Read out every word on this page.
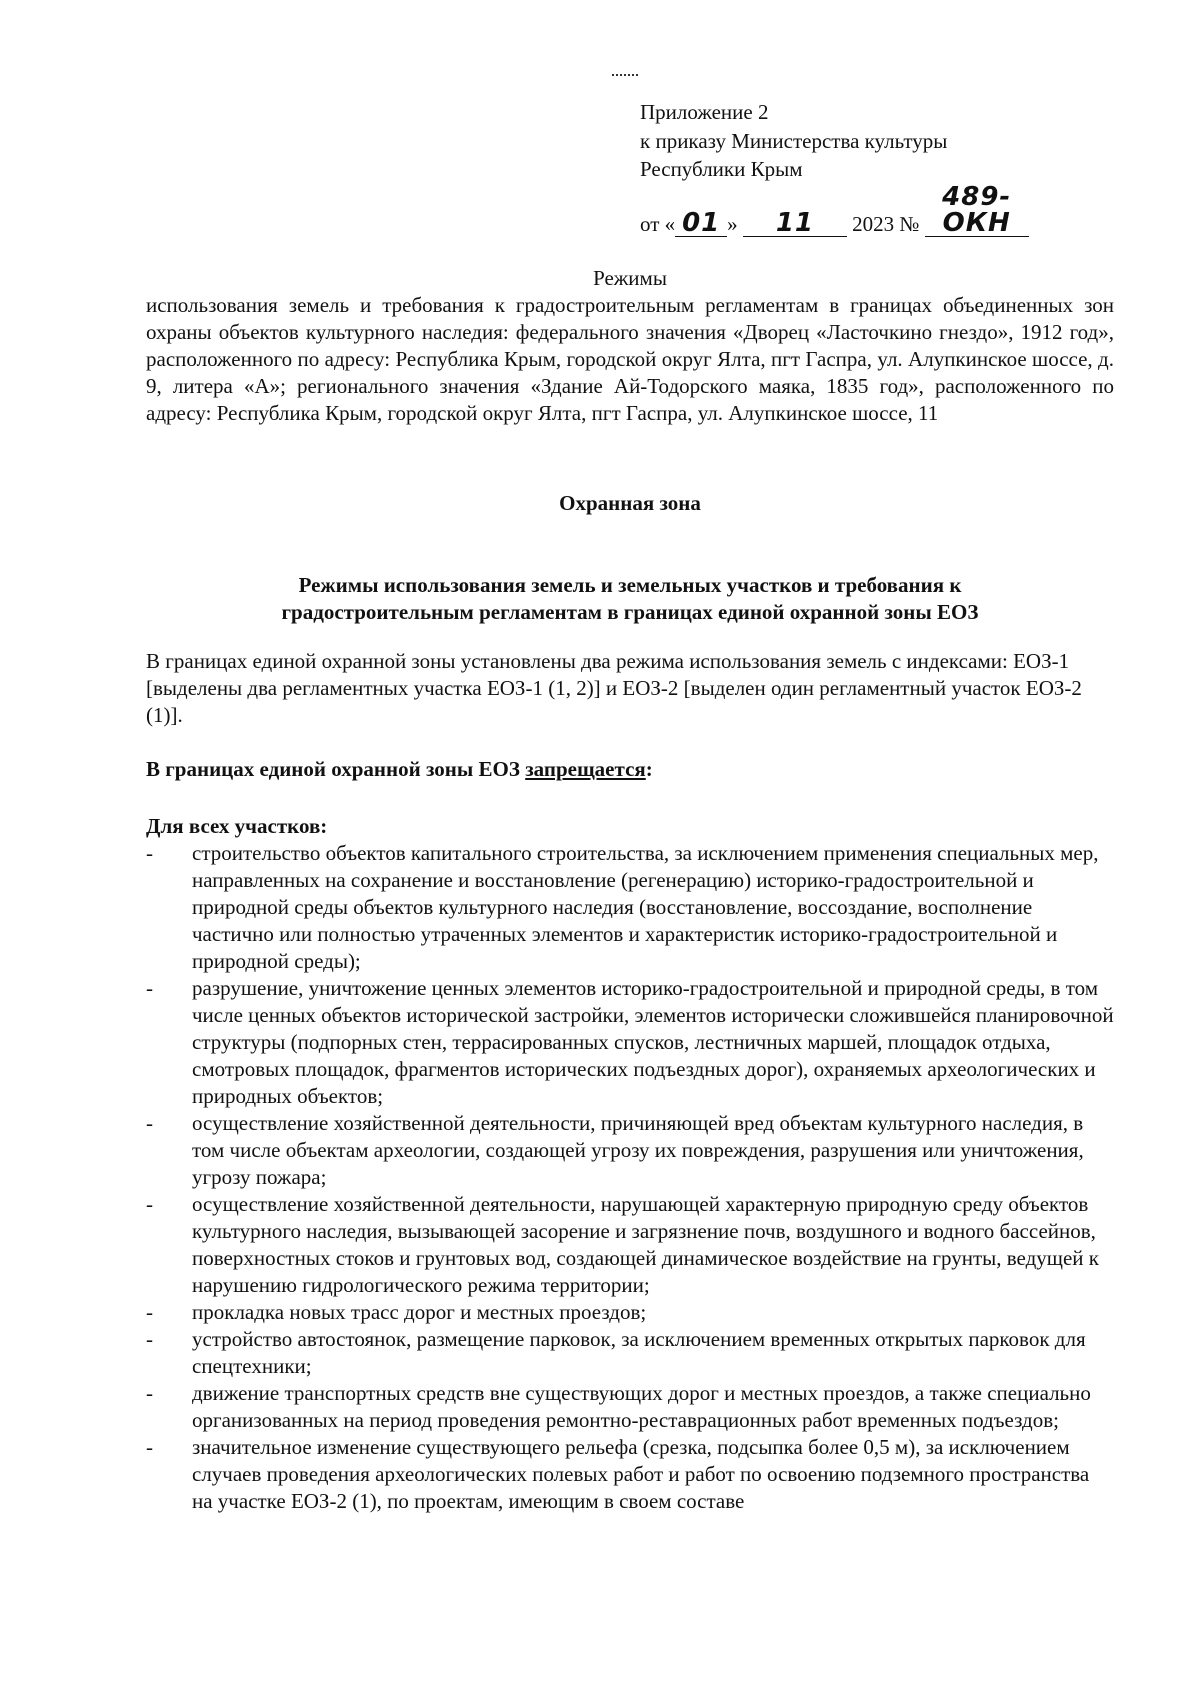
Приложение 2
к приказу Министерства культуры
Республики Крым
от « 01 » 11 2023 № 489-ОКН
Режимы
использования земель и требования к градостроительным регламентам в границах объединенных зон охраны объектов культурного наследия: федерального значения «Дворец «Ласточкино гнездо», 1912 год», расположенного по адресу: Республика Крым, городской округ Ялта, пгт Гаспра, ул. Алупкинское шоссе, д. 9, литера «А»; регионального значения «Здание Ай-Тодорского маяка, 1835 год», расположенного по адресу: Республика Крым, городской округ Ялта, пгт Гаспра, ул. Алупкинское шоссе, 11
Охранная зона
Режимы использования земель и земельных участков и требования к
градостроительным регламентам в границах единой охранной зоны ЕОЗ
В границах единой охранной зоны установлены два режима использования земель с индексами: ЕОЗ-1 [выделены два регламентных участка ЕОЗ-1 (1, 2)] и ЕОЗ-2 [выделен один регламентный участок ЕОЗ-2 (1)].
В границах единой охранной зоны ЕОЗ запрещается:
Для всех участков:
-	строительство объектов капитального строительства, за исключением применения специальных мер, направленных на сохранение и восстановление (регенерацию) историко-градостроительной и природной среды объектов культурного наследия (восстановление, воссоздание, восполнение частично или полностью утраченных элементов и характеристик историко-градостроительной и природной среды);
-	разрушение, уничтожение ценных элементов историко-градостроительной и природной среды, в том числе ценных объектов исторической застройки, элементов исторически сложившейся планировочной структуры (подпорных стен, террасированных спусков, лестничных маршей, площадок отдыха, смотровых площадок, фрагментов исторических подъездных дорог), охраняемых археологических и природных объектов;
-	осуществление хозяйственной деятельности, причиняющей вред объектам культурного наследия, в том числе объектам археологии, создающей угрозу их повреждения, разрушения или уничтожения, угрозу пожара;
-	осуществление хозяйственной деятельности, нарушающей характерную природную среду объектов культурного наследия, вызывающей засорение и загрязнение почв, воздушного и водного бассейнов, поверхностных стоков и грунтовых вод, создающей динамическое воздействие на грунты, ведущей к нарушению гидрологического режима территории;
-	прокладка новых трасс дорог и местных проездов;
-	устройство автостоянок, размещение парковок, за исключением временных открытых парковок для спецтехники;
-	движение транспортных средств вне существующих дорог и местных проездов, а также специально организованных на период проведения ремонтно-реставрационных работ временных подъездов;
-	значительное изменение существующего рельефа (срезка, подсыпка более 0,5 м), за исключением случаев проведения археологических полевых работ и работ по освоению подземного пространства на участке ЕОЗ-2 (1), по проектам, имеющим в своем составе
